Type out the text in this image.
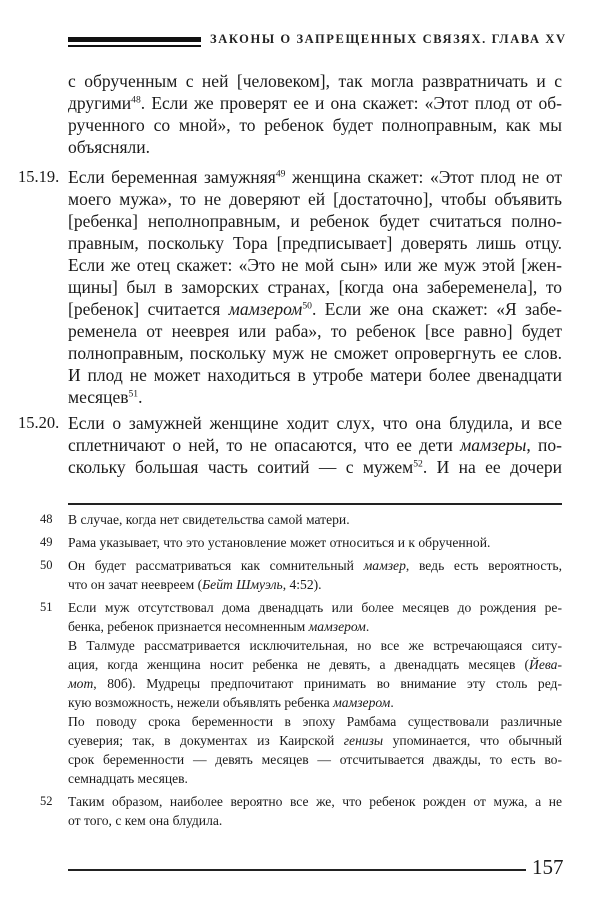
ЗАКОНЫ О ЗАПРЕЩЕННЫХ СВЯЗЯХ. ГЛАВА XV
с обрученным с ней [человеком], так могла развратничать и с
другими$^{48}$. Если же проверят ее и она скажет: «Этот плод от об-
рученного со мной», то ребенок будет полноправным, как мы
объясняли.
15.19. Если беременная замужняя$^{49}$ женщина скажет: «Этот плод не от
моего мужа», то не доверяют ей [достаточно], чтобы объявить
[ребенка] неполноправным, и ребенок будет считаться полно-
правным, поскольку Тора [предписывает] доверять лишь отцу.
Если же отец скажет: «Это не мой сын» или же муж этой [жен-
щины] был в заморских странах, [когда она забеременела], то
[ребенок] считается мамзером$^{50}$. Если же она скажет: «Я забе-
ременела от нееврея или раба», то ребенок [все равно] будет
полноправным, поскольку муж не сможет опровергнуть ее слов.
И плод не может находиться в утробе матери более двенадцати
месяцев$^{51}$.
15.20. Если о замужней женщине ходит слух, что она блудила, и все
сплетничают о ней, то не опасаются, что ее дети мамзеры, по-
скольку большая часть соитий — с мужем$^{52}$. И на ее дочери
48 В случае, когда нет свидетельства самой матери.
49 Рама указывает, что это установление может относиться и к обрученной.
50 Он будет рассматриваться как сомнительный мамзер, ведь есть вероятность,
что он зачат нееврeем (Бейт Шмуэль, 4:52).
51 Если муж отсутствовал дома двенадцать или более месяцев до рождения ре-
бенка, ребенок признается несомненным мамзером.
В Талмуде рассматривается исключительная, но все же встречающаяся ситу-
ация, когда женщина носит ребенка не девять, а двенадцать месяцев (Йева-
мот, 80б). Мудрецы предпочитают принимать во внимание эту столь ред-
кую возможность, нежели объявлять ребенка мамзером.
По поводу срока беременности в эпоху Рамбама существовали различные
суеверия; так, в документах из Каирской генизы упоминается, что обычный
срок беременности — девять месяцев — отсчитывается дважды, то есть во-
семнадцать месяцев.
52 Таким образом, наиболее вероятно все же, что ребенок рожден от мужа, а не
от того, с кем она блудила.
157
